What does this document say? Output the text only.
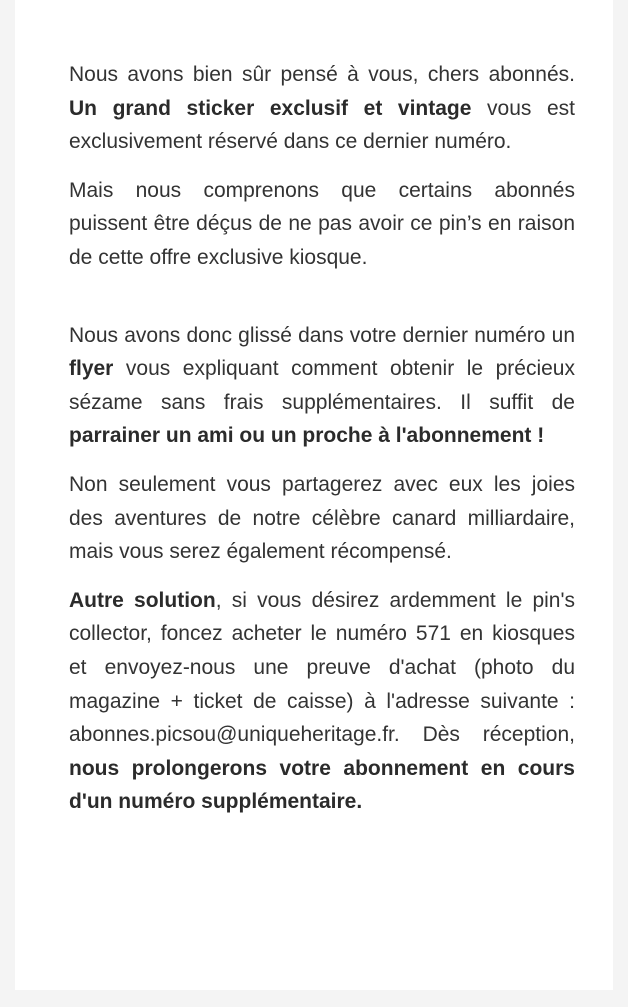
Nous avons bien sûr pensé à vous, chers abonnés. Un grand sticker exclusif et vintage vous est exclusivement réservé dans ce dernier numéro.

Mais nous comprenons que certains abonnés puissent être déçus de ne pas avoir ce pin’s en raison de cette offre exclusive kiosque.

Nous avons donc glissé dans votre dernier numéro un flyer vous expliquant comment obtenir le précieux sézame sans frais supplémentaires. Il suffit de parrainer un ami ou un proche à l'abonnement !

Non seulement vous partagerez avec eux les joies des aventures de notre célèbre canard milliardaire, mais vous serez également récompensé.

Autre solution, si vous désirez ardemment le pin's collector, foncez acheter le numéro 571 en kiosques et envoyez-nous une preuve d'achat (photo du magazine + ticket de caisse) à l'adresse suivante : abonnes.picsou@uniqueheritage.fr. Dès réception, nous prolongerons votre abonnement en cours d'un numéro supplémentaire.
